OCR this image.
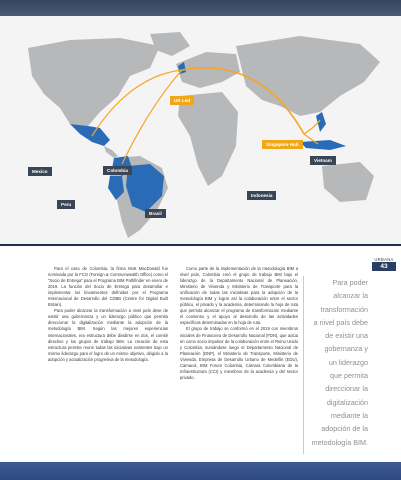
UK Led
Singapore Hub
Vietnam
Indonesia
Mexico	Colombia
Peru
Brasil
URBANA
43

Para el caso de Colombia, la firma Mott MacDonald fue nominada por la FCO (Foreign & Commonwealth Office) como el “Socio de Entrega” para el Programa BIM Pathfinder en enero de 2019. La función del Socio de Entrega para desarrollar e implementar los lineamientos definidos por el Programa Internacional de Desarrollo del CDBB (Centre for Digital Built Britain).

Para poder alcanzar la transformación a nivel país dese de existir una gobernanza y un liderazgo público que permita direccionar la digitalización mediante la adopción de la metodología BIM. Según las mejores experiencias internacionales, era estructura debe dividirse en dos, el comité directivo y los grupos de trabajo BIM. La creación de esta estructura permite reunir todas las iniciativas existentes bajo un mismo liderazgo para el logro de un mismo objetivo, dirigido a la adopción y actualización progresiva de la metodología.

Como parte de la implementación de la metodología BIM a nivel país, Colombia creó el grupo de trabajo BIM bajo el liderazgo de la Departamento Nacional de Planeación, Ministerio de Vivienda y Ministerio de Transporte para la unificación de todas las iniciativas para la adopción de la metodología BIM y lograr así la colaboración entre el sector público, el privado y la academia, determinando la hoja de ruta que permita alcanzar el programa de transformación mediante el consenso y el apoyo al desarrollo de las actividades específicas determinadas en la hoja de ruta.

El grupo de trabajo se conformó en el 2019 con miembros iniciales de Financiera de Desarrollo Nacional (FDN), que actúa en como socio impulsor de la colaboración entre el Reino Unido y Colombia, sumándose luego el Departamento Nacional de Planeación (DNP), el Ministerio de Transporte, Ministerio de Vivienda, Empresa de Desarrollo Urbano de Medellín (EDU), Camacol, BIM Forum Colombia, Cámara Colombiana de la Infraestructura (CCI) y miembros de la academia y del sector privado.

Para poder
alcanzar la
transformación
a nivel país debe
de existir una
gobernanza y
un liderazgo
que permita
direccionar la
digitalización
mediante la
adopción de la
metodología BIM.
